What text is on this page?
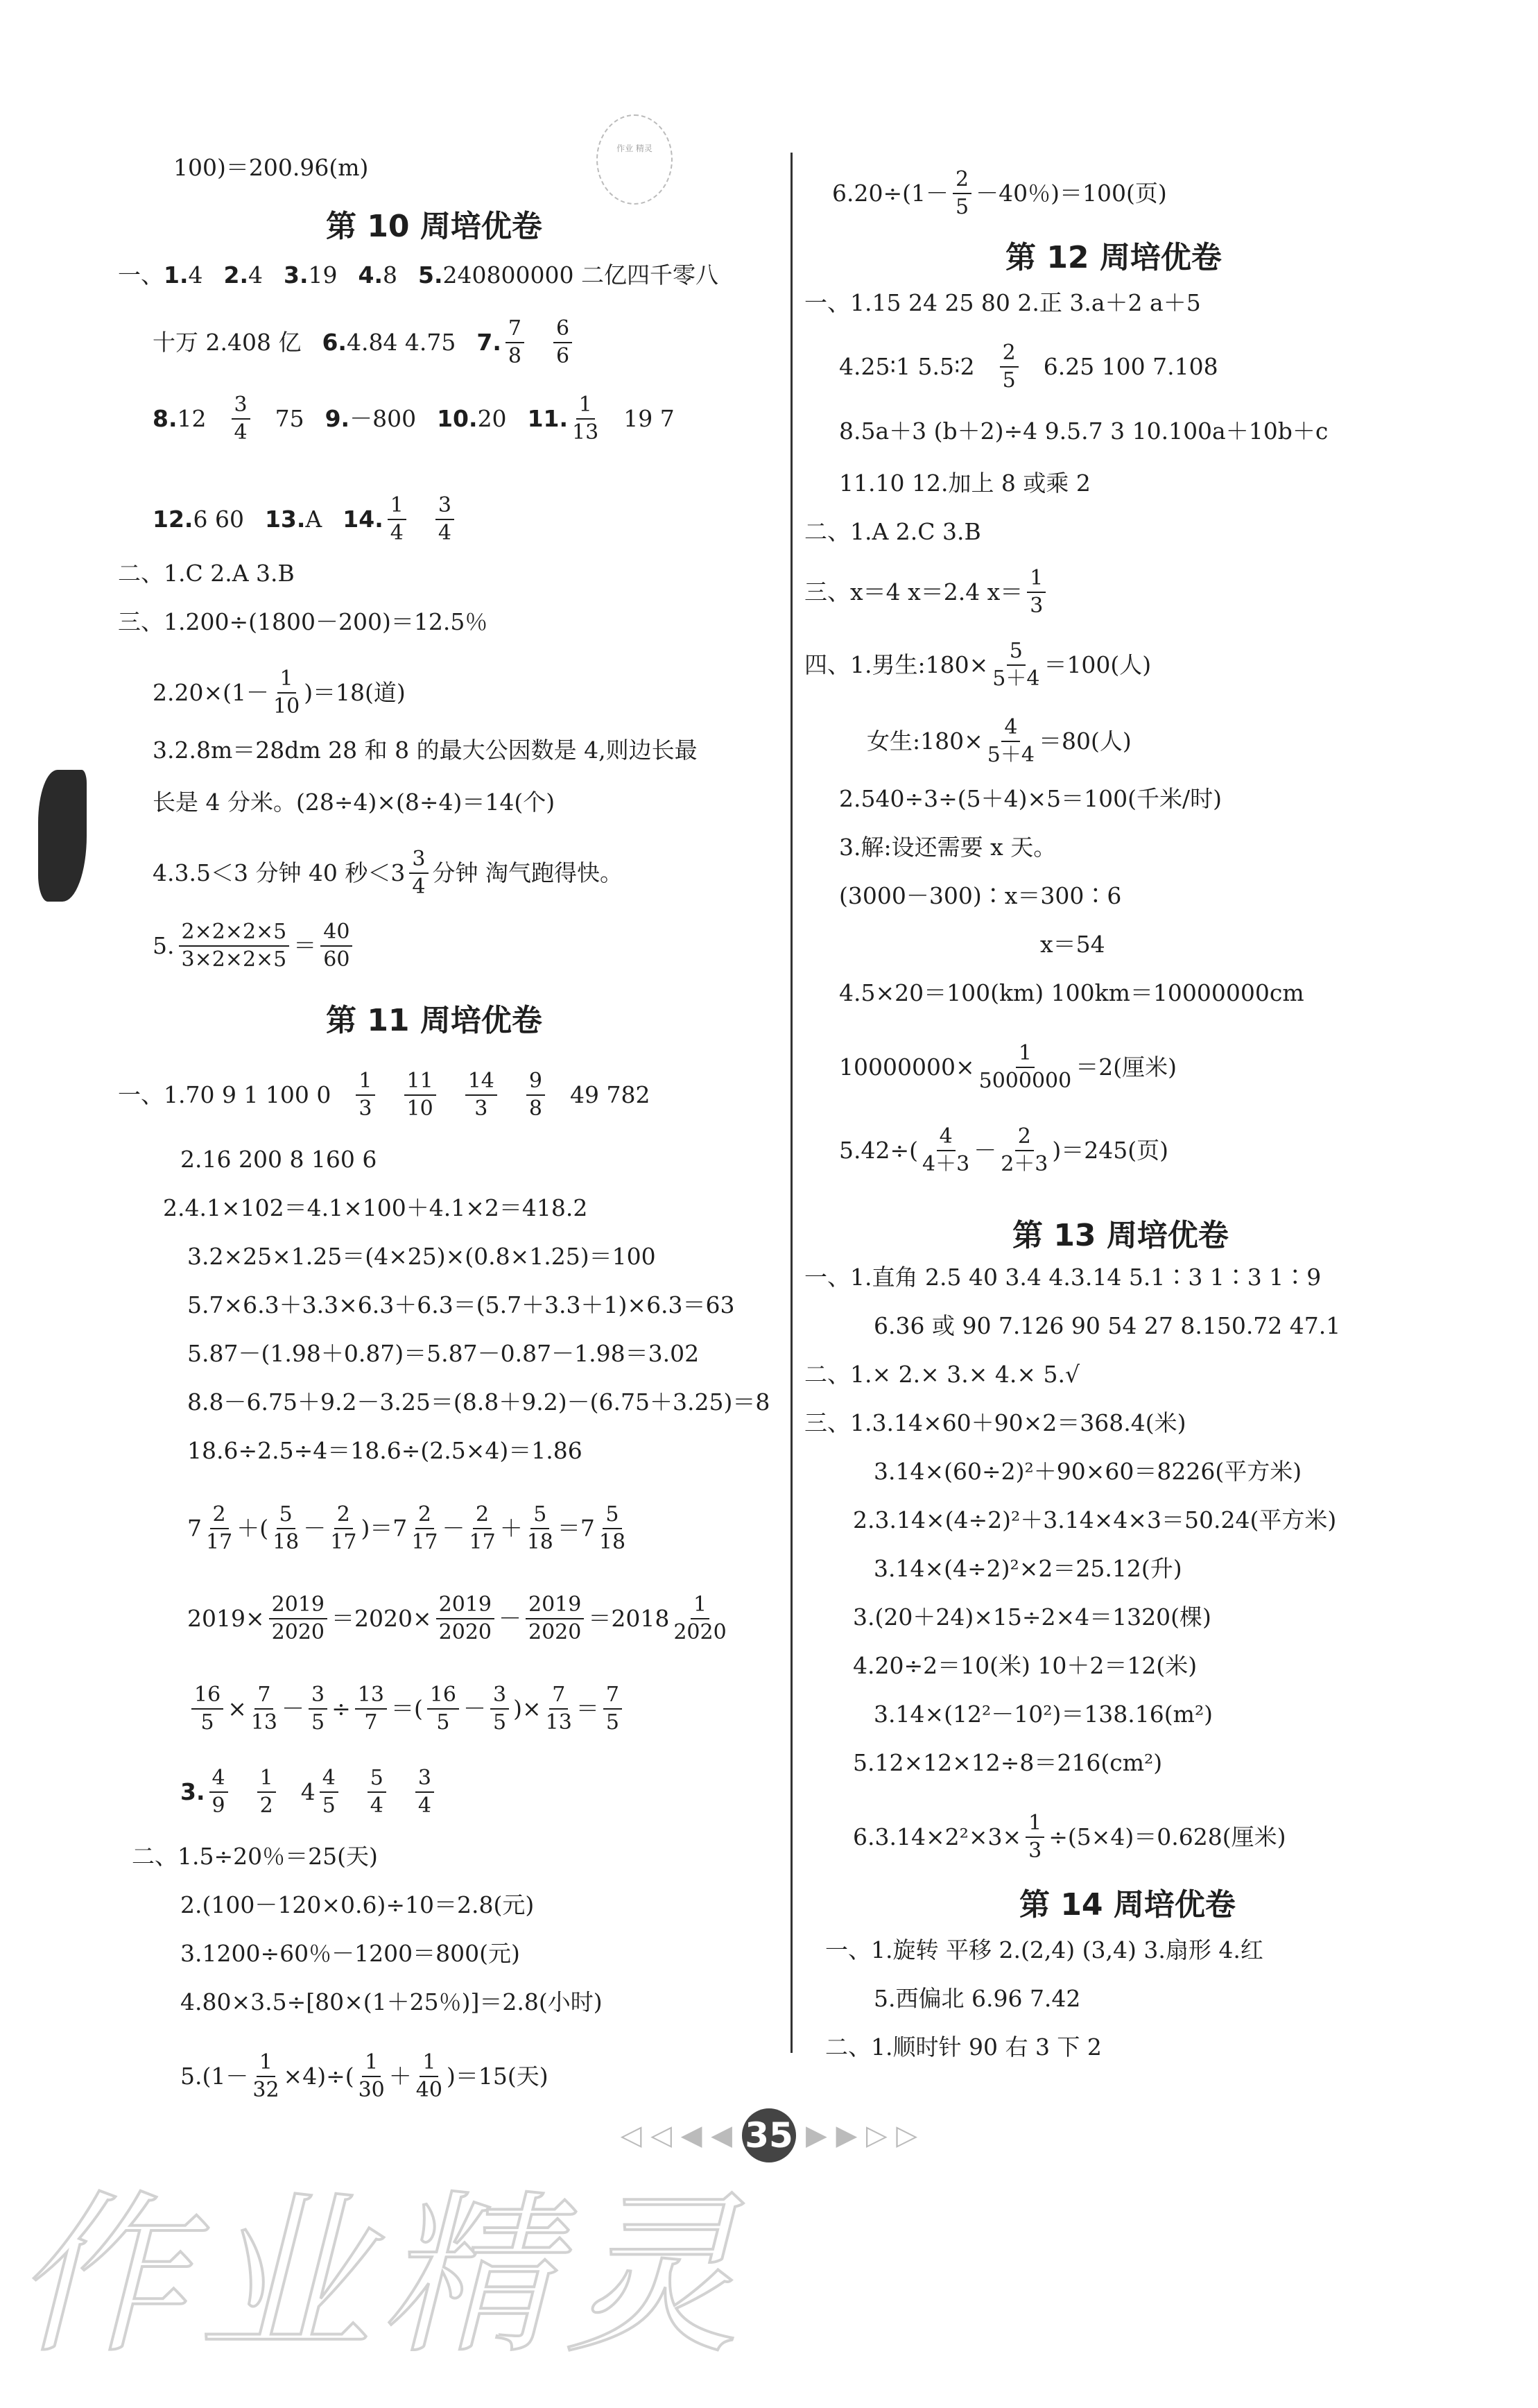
作业 精灵
100)＝200.96(m)
第 10 周培优卷
一、 1. 4 2. 4 3. 19 4. 8 5. 240800000 二亿四千零八
十万 2.408 亿 6. 4.84 4.75 7.
7
8
6
6
8. 12
3
4
75 9. －800 10. 20 11.
1
13
19 7
12. 6 60 13. A 14.
1
4
3
4
二、1.C 2.A 3.B
三、1.200÷(1800－200)＝12.5％
2.20×(1－
1
10
)＝18(道)
3.2.8m＝28dm 28 和 8 的最大公因数是 4,则边长最
长是 4 分米。(28÷4)×(8÷4)＝14(个)
4.3.5＜3 分钟 40 秒＜3
3
4
分钟 淘气跑得快。
5.
2×2×2×5
3×2×2×5
＝
40
60
第 11 周培优卷
一、1.70 9 1 100 0
1
3
11
10
14
3
9
8
49 782
2.16 200 8 160 6
2.4.1×102＝4.1×100＋4.1×2＝418.2
3.2×25×1.25＝(4×25)×(0.8×1.25)＝100
5.7×6.3＋3.3×6.3＋6.3＝(5.7＋3.3＋1)×6.3＝63
5.87－(1.98＋0.87)＝5.87－0.87－1.98＝3.02
8.8－6.75＋9.2－3.25＝(8.8＋9.2)－(6.75＋3.25)＝8
18.6÷2.5÷4＝18.6÷(2.5×4)＝1.86
7
2
17
＋(
5
18
－
2
17
)＝7
2
17
－
2
17
＋
5
18
＝7
5
18
$2019\times \frac{2019}{2020} =2020\times \frac{2019}{2020}$ －
2019
2020
＝2018
1
2020
$\frac{16}{5} \times \frac{7}{13} - \frac{3}{5} \div \frac{13}{7}$ ＝(
16
5
－
3
5
)× $\frac{7}{13}$ ＝
7
5
3.
4
9
1
2
4
4
5
5
4
3
4
二、1.5÷20％＝25(天)
2.(100－120×0.6)÷10＝2.8(元)
3.1200÷60％－1200＝800(元)
4.80×3.5÷[80×(1＋25％)]＝2.8(小时)
$5.(1- \frac{1}{32} \times 4)\div$(
1
30
＋
1
40
)＝15(天)
6.20÷(1－
2
5
－40％)＝100(页)
第 12 周培优卷
一、1.15 24 25 80 2.正 3.a＋2 a＋5
4.25∶1 5.5∶2
2
5
6.25 100 7.108
8.5a＋3 (b＋2)÷4 9.5.7 3 10.100a＋10b＋c
11.10 12.加上 8 或乘 2
二、1.A 2.C 3.B
三、x＝4 x＝2.4 x＝
1
3
四、1.男生:180× $\frac{5}{5+4} =100$(人)
女生:180× $\frac{4}{5+4} =80$(人)
2.540÷3÷(5＋4)×5＝100(千米/时)
3.解:设还需要 x 天。
(3000－300)∶x＝300∶6
x＝54
4.5×20＝100(km) 100km＝10000000cm
$10000000\times \frac{1}{5000000} =2$(厘米)
5.42÷(
4
4＋3
－
2
2＋3
)＝245(页)
第 13 周培优卷
一、1.直角 2.5 40 3.4 4.3.14 5.1∶3 1∶3 1∶9
6.36 或 90 7.126 90 54 27 8.150.72 47.1
二、1.× 2.× 3.× 4.× 5.√
三、1.3.14×60＋90×2＝368.4(米)
3.14×(60÷2)²＋90×60＝8226(平方米)
2.3.14×(4÷2)²＋3.14×4×3＝50.24(平方米)
3.14×(4÷2)²×2＝25.12(升)
3.(20＋24)×15÷2×4＝1320(棵)
4.20÷2＝10(米) 10＋2＝12(米)
3.14×(12²－10²)＝138.16(m²)
5.12×12×12÷8＝216(cm²)
$6.3.14\times 2^2\times 3\times \frac{1}{3} \div(5\times 4)=0.628$(厘米)
第 14 周培优卷
一、1.旋转 平移 2.(2,4) (3,4) 3.扇形 4.红
5.西偏北 6.96 7.42
二、1.顺时针 90 右 3 下 2
◁ ◁ ◀ ◀ 35 ▶ ▶ ▷ ▷
作业精灵
